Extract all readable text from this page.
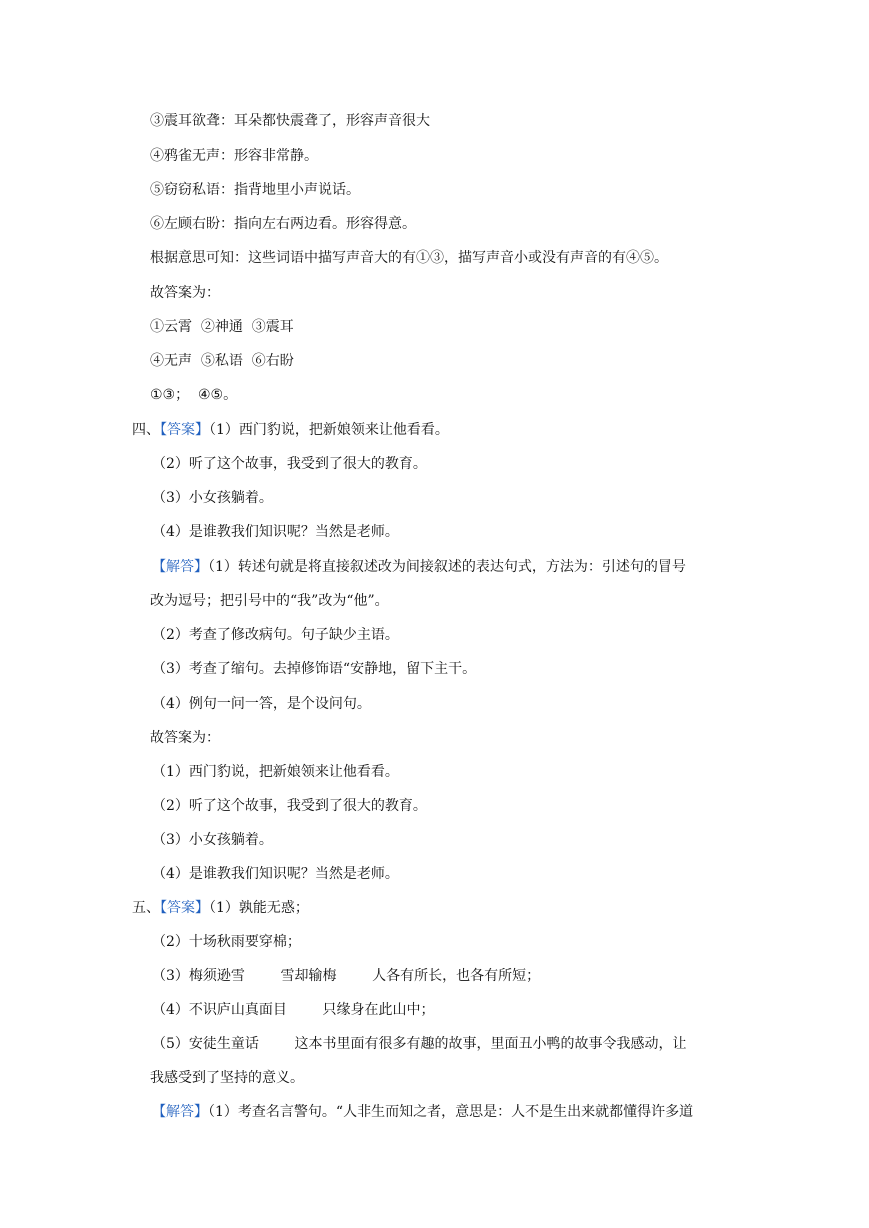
③震耳欲聋：耳朵都快震聋了，形容声音很大
④鸦雀无声：形容非常静。
⑤窃窃私语：指背地里小声说话。
⑥左顾右盼：指向左右两边看。形容得意。
根据意思可知：这些词语中描写声音大的有①③，描写声音小或没有声音的有④⑤。
故答案为：
①云霄  ②神通  ③震耳
④无声  ⑤私语  ⑥右盼
①③；  ④⑤。
四、【答案】（1）西门豹说，把新娘领来让他看看。
（2）听了这个故事，我受到了很大的教育。
（3）小女孩躺着。
（4）是谁教我们知识呢？当然是老师。
【解答】（1）转述句就是将直接叙述改为间接叙述的表达句式，方法为：引述句的冒号
改为逗号；把引号中的“我”改为“他”。
（2）考查了修改病句。句子缺少主语。
（3）考查了缩句。去掉修饰语“安静地，留下主干。
（4）例句一问一答，是个设问句。
故答案为：
（1）西门豹说，把新娘领来让他看看。
（2）听了这个故事，我受到了很大的教育。
（3）小女孩躺着。
（4）是谁教我们知识呢？当然是老师。
五、【答案】（1）孰能无惑；
（2）十场秋雨要穿棉；
（3）梅须逊雪        雪却输梅        人各有所长，也各有所短；
（4）不识庐山真面目        只缘身在此山中；
（5）安徒生童话        这本书里面有很多有趣的故事，里面丑小鸭的故事令我感动，让
我感受到了坚持的意义。
【解答】（1）考查名言警句。“人非生而知之者，意思是：人不是生出来就都懂得许多道
